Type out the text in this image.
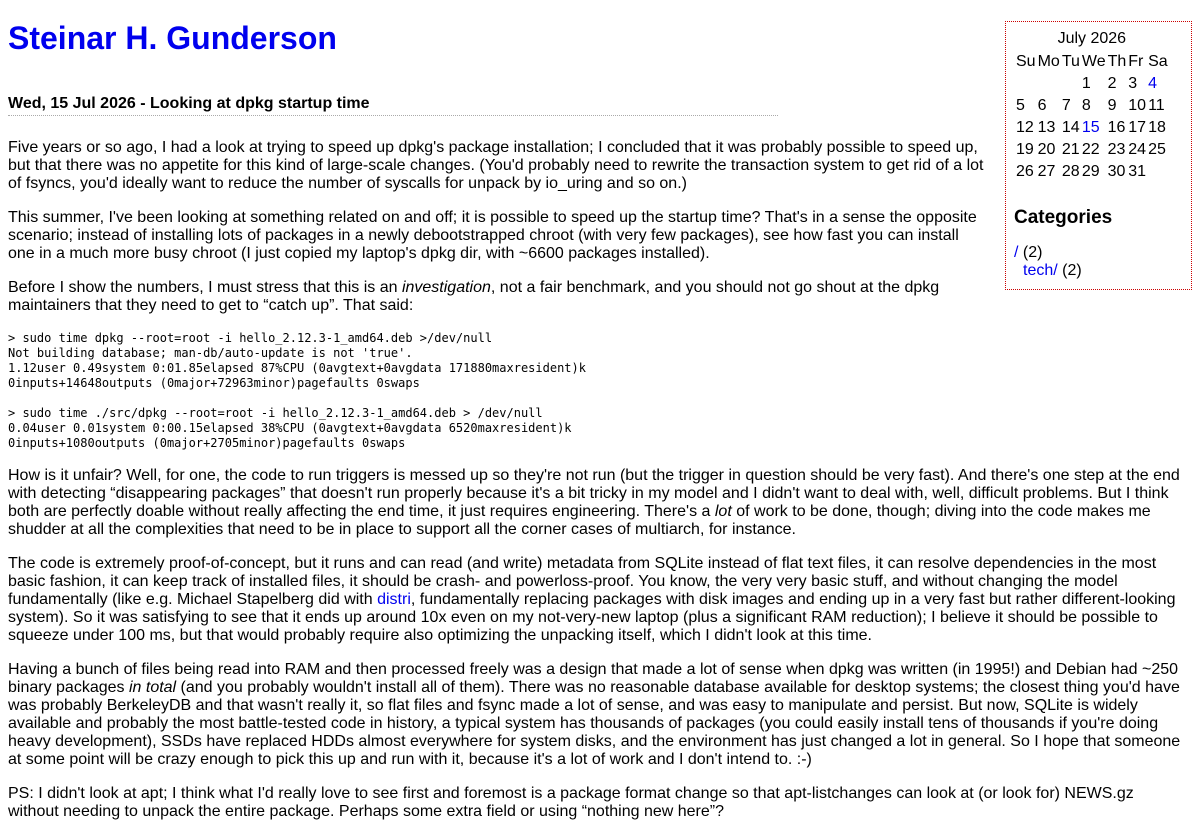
Steinar H. Gunderson	July 2026
Su	Mo	Tu	We	Th	Fr	Sa
			1	2	3	4
5	6	7	8	9	10	11
12	13	14	15	16	17	18
19	20	21	22	23	24	25
26	27	28	29	30	31	
Categories
/ (2)
tech/ (2)
Wed, 15 Jul 2026 - Looking at dpkg startup time

Five years or so ago, I had a look at trying to speed up dpkg's package installation; I concluded that it was probably possible to speed up, but that there was no appetite for this kind of large-scale changes. (You'd probably need to rewrite the transaction system to get rid of a lot of fsyncs, you'd ideally want to reduce the number of syscalls for unpack by io_uring and so on.)

This summer, I've been looking at something related on and off; it is possible to speed up the startup time? That's in a sense the opposite scenario; instead of installing lots of packages in a newly debootstrapped chroot (with very few packages), see how fast you can install one in a much more busy chroot (I just copied my laptop's dpkg dir, with ~6600 packages installed).

Before I show the numbers, I must stress that this is an investigation, not a fair benchmark, and you should not go shout at the dpkg maintainers that they need to get to “catch up”. That said:

> sudo time dpkg --root=root -i hello_2.12.3-1_amd64.deb >/dev/null
Not building database; man-db/auto-update is not 'true'.
1.12user 0.49system 0:01.85elapsed 87%CPU (0avgtext+0avgdata 171880maxresident)k
0inputs+14648outputs (0major+72963minor)pagefaults 0swaps

> sudo time ./src/dpkg --root=root -i hello_2.12.3-1_amd64.deb > /dev/null
0.04user 0.01system 0:00.15elapsed 38%CPU (0avgtext+0avgdata 6520maxresident)k
0inputs+1080outputs (0major+2705minor)pagefaults 0swaps

How is it unfair? Well, for one, the code to run triggers is messed up so they're not run (but the trigger in question should be very fast). And there's one step at the end with detecting “disappearing packages” that doesn't run properly because it's a bit tricky in my model and I didn't want to deal with, well, difficult problems. But I think both are perfectly doable without really affecting the end time, it just requires engineering. There's a lot of work to be done, though; diving into the code makes me shudder at all the complexities that need to be in place to support all the corner cases of multiarch, for instance.

The code is extremely proof-of-concept, but it runs and can read (and write) metadata from SQLite instead of flat text files, it can resolve dependencies in the most basic fashion, it can keep track of installed files, it should be crash- and powerloss-proof. You know, the very very basic stuff, and without changing the model fundamentally (like e.g. Michael Stapelberg did with distri, fundamentally replacing packages with disk images and ending up in a very fast but rather different-looking system). So it was satisfying to see that it ends up around 10x even on my not-very-new laptop (plus a significant RAM reduction); I believe it should be possible to squeeze under 100 ms, but that would probably require also optimizing the unpacking itself, which I didn't look at this time.

Having a bunch of files being read into RAM and then processed freely was a design that made a lot of sense when dpkg was written (in 1995!) and Debian had ~250 binary packages in total (and you probably wouldn't install all of them). There was no reasonable database available for desktop systems; the closest thing you'd have was probably BerkeleyDB and that wasn't really it, so flat files and fsync made a lot of sense, and was easy to manipulate and persist. But now, SQLite is widely available and probably the most battle-tested code in history, a typical system has thousands of packages (you could easily install tens of thousands if you're doing heavy development), SSDs have replaced HDDs almost everywhere for system disks, and the environment has just changed a lot in general. So I hope that someone at some point will be crazy enough to pick this up and run with it, because it's a lot of work and I don't intend to. :-)

PS: I didn't look at apt; I think what I'd really love to see first and foremost is a package format change so that apt-listchanges can look at (or look for) NEWS.gz without needing to unpack the entire package. Perhaps some extra field or using “nothing new here”?
